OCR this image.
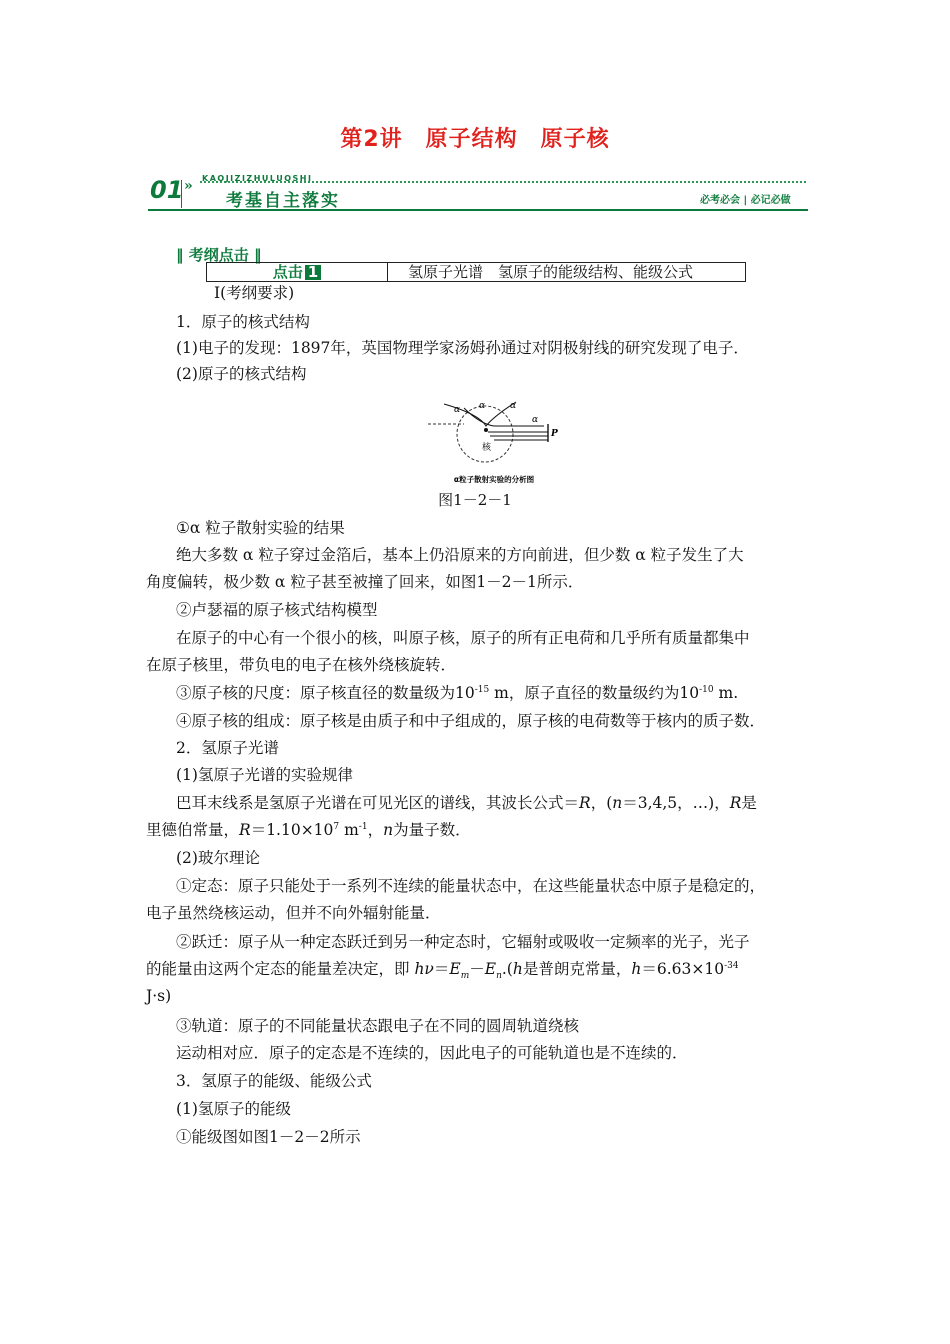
第2讲　原子结构　原子核
01 » KAOJIZIZHULUOSHI
考基自主落实	必考必会 | 必记必做
‖ 考纲点击 ‖
点击 1	氢原子光谱　氢原子的能级结构、能级公式
Ⅰ(考纲要求)
1．原子的核式结构
(1)电子的发现：1897年，英国物理学家汤姆孙通过对阴极射线的研究发现了电子．
(2)原子的核式结构
α α	α
α
P
核
α粒子散射实验的分析图
图1－2－1
①α 粒子散射实验的结果
绝大多数 α 粒子穿过金箔后，基本上仍沿原来的方向前进，但少数 α 粒子发生了大
角度偏转，极少数 α 粒子甚至被撞了回来，如图1－2－1所示．
②卢瑟福的原子核式结构模型
在原子的中心有一个很小的核，叫原子核，原子的所有正电荷和几乎所有质量都集中
在原子核里，带负电的电子在核外绕核旋转．
③原子核的尺度：原子核直径的数量级为$10^{-15}$ m，原子直径的数量级约为$10^{-10}$ m.
④原子核的组成：原子核是由质子和中子组成的，原子核的电荷数等于核内的质子数．
2．氢原子光谱
(1)氢原子光谱的实验规律
巴耳末线系是氢原子光谱在可见光区的谱线，其波长公式＝R，(n＝3,4,5，…)，R是
里德伯常量，$R=1.10\times 10^7$ $m^{-1}$，n为量子数．
(2)玻尔理论
①定态：原子只能处于一系列不连续的能量状态中，在这些能量状态中原子是稳定的，
电子虽然绕核运动，但并不向外辐射能量．
②跃迁：原子从一种定态跃迁到另一种定态时，它辐射或吸收一定频率的光子，光子
的能量由这两个定态的能量差决定，即 $h\nu=E_m-E_n.(h$是普朗克常量，$h=6.63\times 10^{-34}$
J·s)
③轨道：原子的不同能量状态跟电子在不同的圆周轨道绕核
运动相对应．原子的定态是不连续的，因此电子的可能轨道也是不连续的．
3．氢原子的能级、能级公式
(1)氢原子的能级
①能级图如图1－2－2所示
